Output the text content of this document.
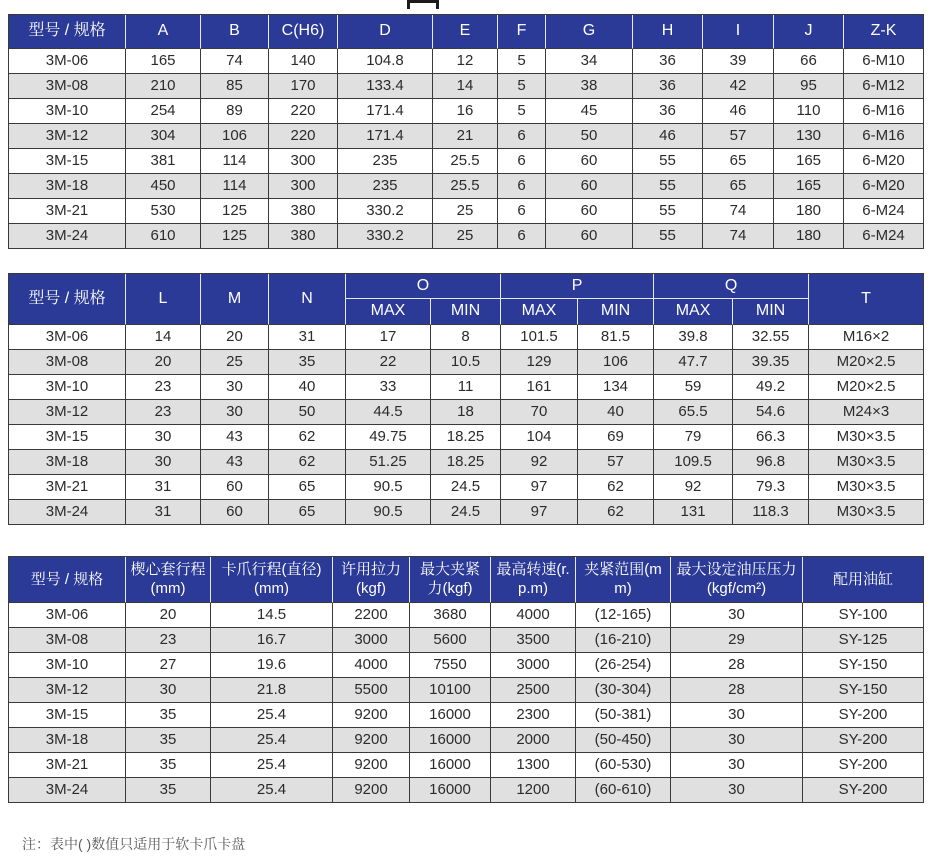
型号 / 规格	A	B	C(H6)	D	E	F	G	H	I	J	Z-K
3M-06	165	74	140	104.8	12	5	34	36	39	66	6-M10
3M-08	210	85	170	133.4	14	5	38	36	42	95	6-M12
3M-10	254	89	220	171.4	16	5	45	36	46	110	6-M16
3M-12	304	106	220	171.4	21	6	50	46	57	130	6-M16
3M-15	381	114	300	235	25.5	6	60	55	65	165	6-M20
3M-18	450	114	300	235	25.5	6	60	55	65	165	6-M20
3M-21	530	125	380	330.2	25	6	60	55	74	180	6-M24
3M-24	610	125	380	330.2	25	6	60	55	74	180	6-M24
型号 / 规格	L	M	N	O		P		Q		T
				MAX	MIN	MAX	MIN	MAX	MIN	
3M-06	14	20	31	17	8	101.5	81.5	39.8	32.55	M16×2
3M-08	20	25	35	22	10.5	129	106	47.7	39.35	M20×2.5
3M-10	23	30	40	33	11	161	134	59	49.2	M20×2.5
3M-12	23	30	50	44.5	18	70	40	65.5	54.6	M24×3
3M-15	30	43	62	49.75	18.25	104	69	79	66.3	M30×3.5
3M-18	30	43	62	51.25	18.25	92	57	109.5	96.8	M30×3.5
3M-21	31	60	65	90.5	24.5	97	62	92	79.3	M30×3.5
3M-24	31	60	65	90.5	24.5	97	62	131	118.3	M30×3.5
型号 / 规格	楔心套行程(mm)	卡爪行程(直径)(mm)	许用拉力(kgf)	最大夹紧力(kgf)	最高转速(r.p.m)	夹紧范围(mm)	最大设定油压压力 (kgf/cm²)	配用油缸
3M-06	20	14.5	2200	3680	4000	(12-165)	30	SY-100
3M-08	23	16.7	3000	5600	3500	(16-210)	29	SY-125
3M-10	27	19.6	4000	7550	3000	(26-254)	28	SY-150
3M-12	30	21.8	5500	10100	2500	(30-304)	28	SY-150
3M-15	35	25.4	9200	16000	2300	(50-381)	30	SY-200
3M-18	35	25.4	9200	16000	2000	(50-450)	30	SY-200
3M-21	35	25.4	9200	16000	1300	(60-530)	30	SY-200
3M-24	35	25.4	9200	16000	1200	(60-610)	30	SY-200

注：表中( )数值只适用于软卡爪卡盘
